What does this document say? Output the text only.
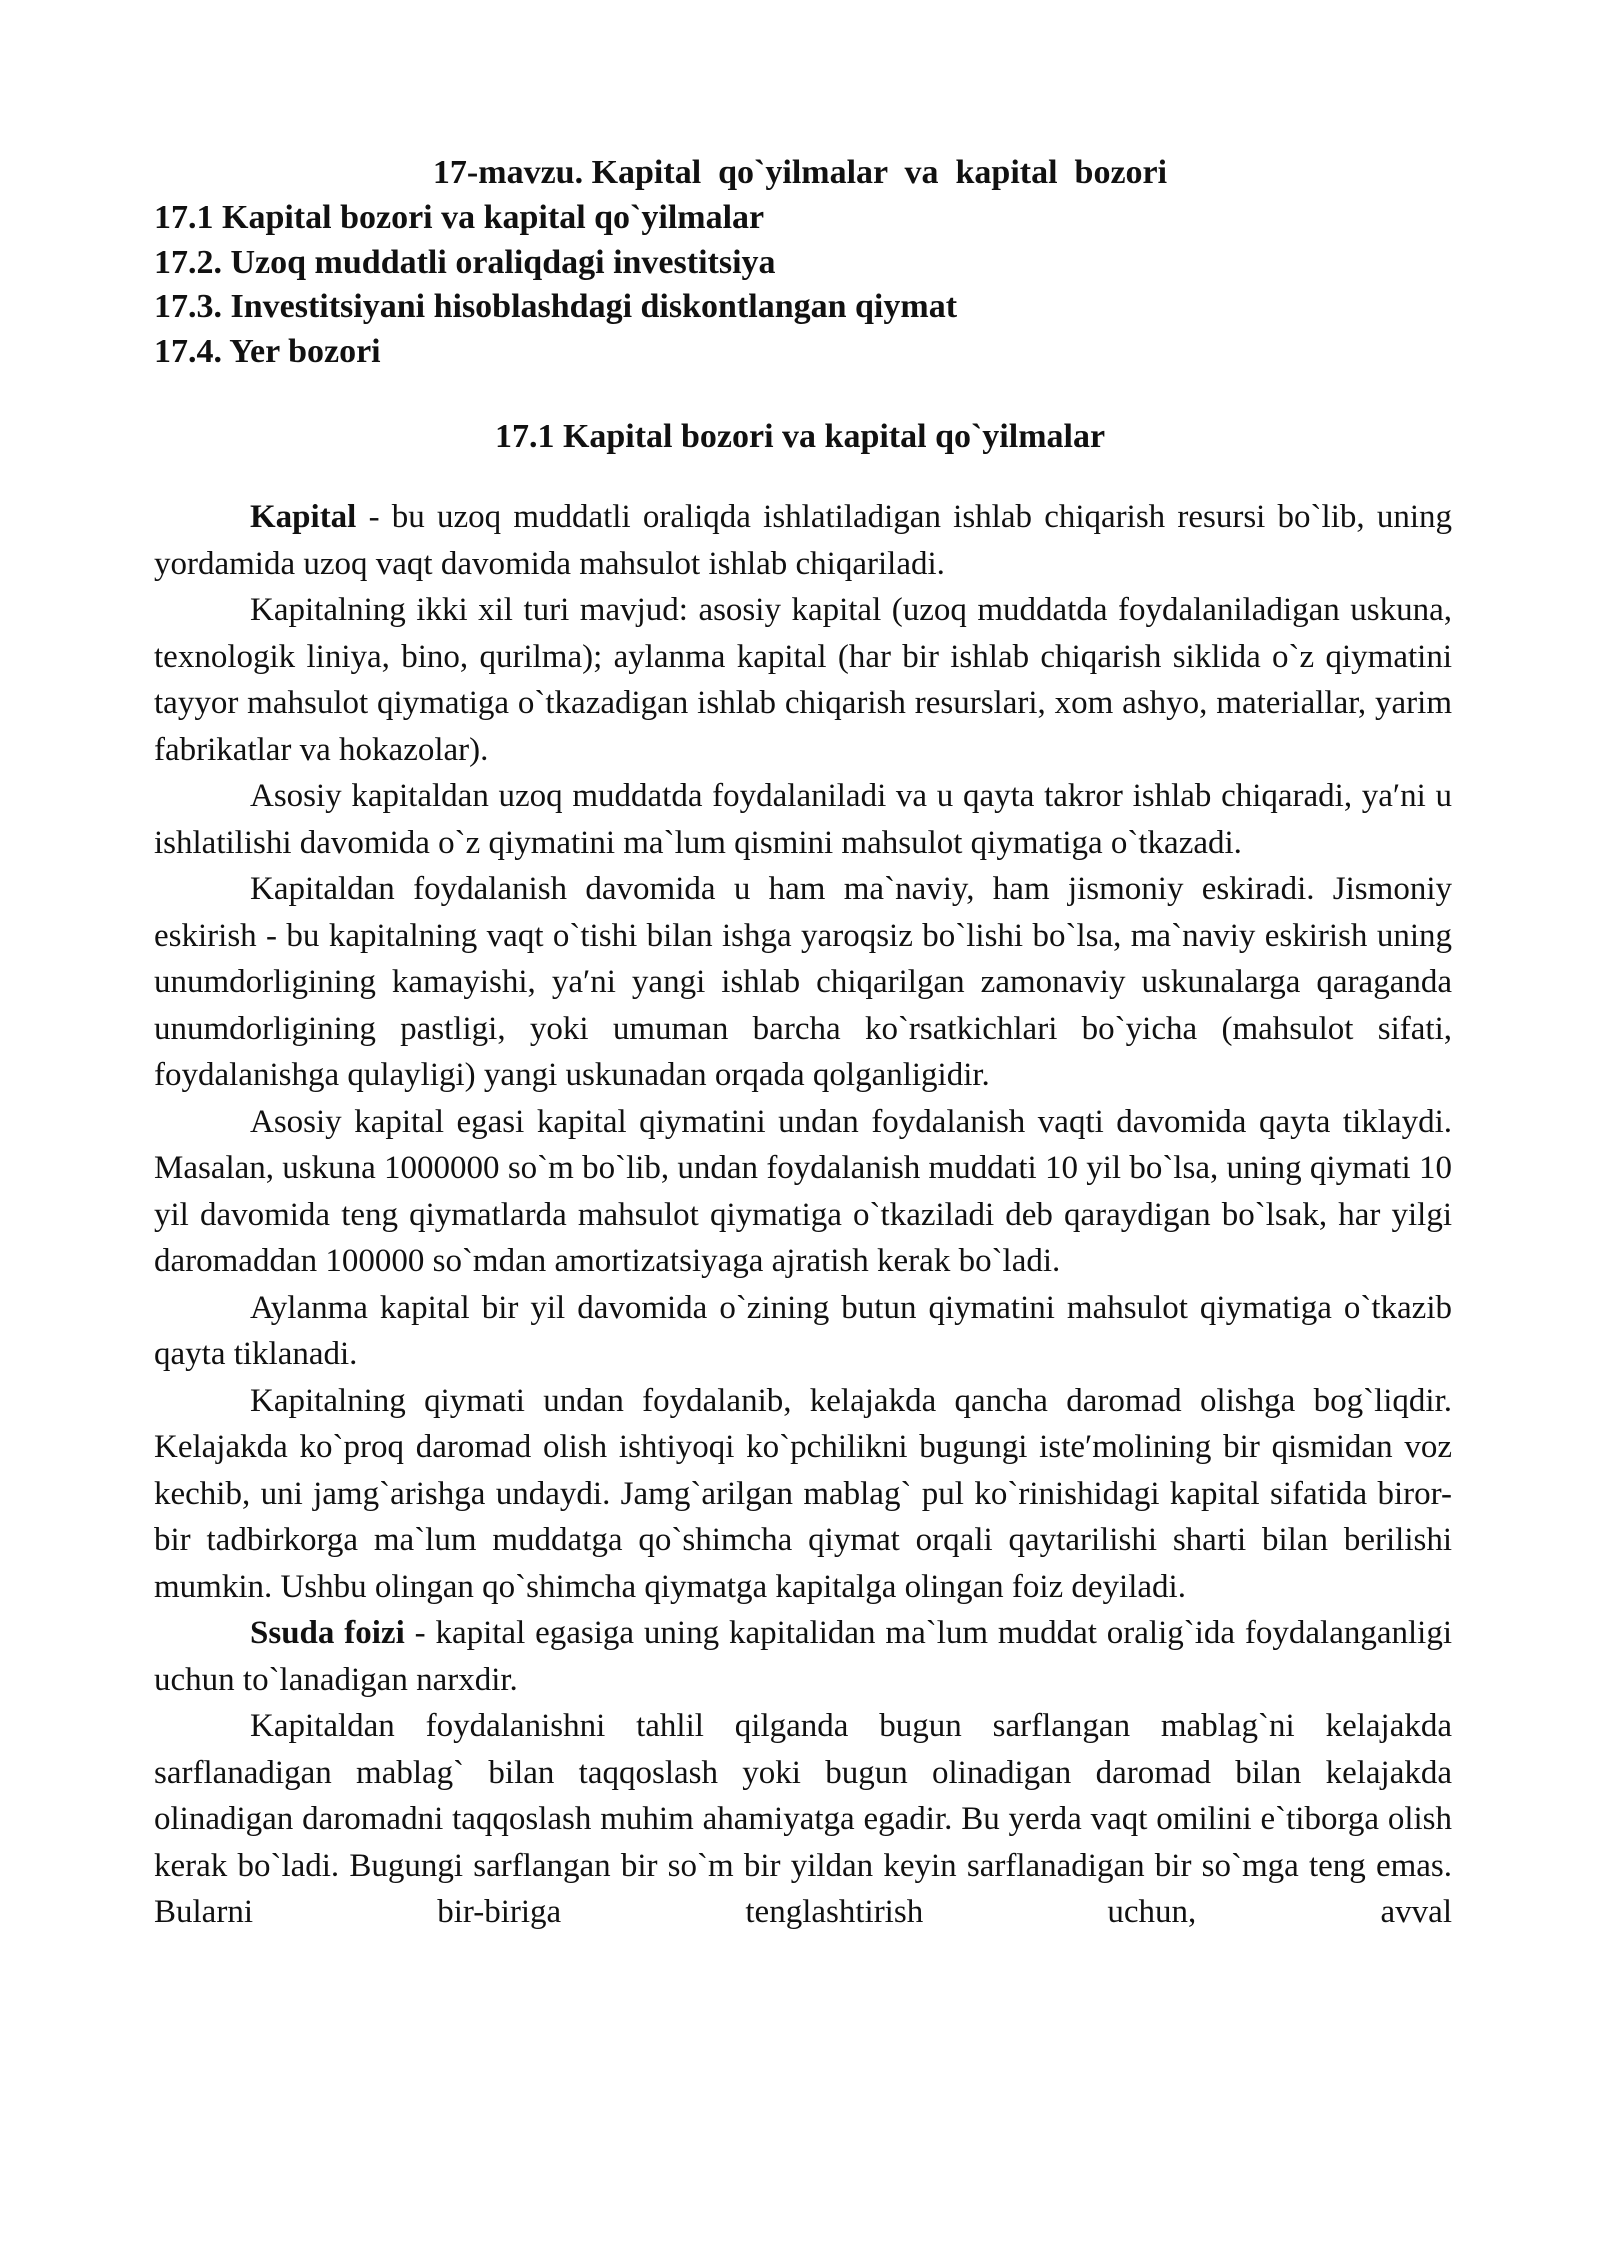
17-mavzu. Kapital  qo`yilmalar  va  kapital  bozori
17.1 Kapital bozori va kapital qo`yilmalar
17.2. Uzoq muddatli oraliqdagi investitsiya
17.3. Investitsiyani hisoblashdagi diskontlangan qiymat
17.4. Yer bozori
17.1 Kapital bozori va kapital qo`yilmalar

Kapital - bu uzoq muddatli oraliqda ishlatiladigan ishlab chiqarish resursi bo`lib, uning yordamida uzoq vaqt davomida mahsulot ishlab chiqariladi.

Kapitalning ikki xil turi mavjud: asosiy kapital (uzoq muddatda foydalaniladigan uskuna, texnologik liniya, bino, qurilma); aylanma kapital (har bir ishlab chiqarish siklida o`z qiymatini tayyor mahsulot qiymatiga o`tkazadigan ishlab chiqarish resurslari, xom ashyo, materiallar, yarim fabrikatlar va hokazolar).

Asosiy kapitaldan uzoq muddatda foydalaniladi va u qayta takror ishlab chiqaradi, ya′ni u ishlatilishi davomida o`z qiymatini ma`lum qismini mahsulot qiymatiga o`tkazadi.

Kapitaldan foydalanish davomida u ham ma`naviy, ham jismoniy eskiradi. Jismoniy eskirish - bu kapitalning vaqt o`tishi bilan ishga yaroqsiz bo`lishi bo`lsa, ma`naviy eskirish uning unumdorligining kamayishi, ya′ni yangi ishlab chiqarilgan zamonaviy uskunalarga qaraganda unumdorligining pastligi, yoki umuman barcha ko`rsatkichlari bo`yicha (mahsulot sifati, foydalanishga qulayligi) yangi uskunadan orqada qolganligidir.

Asosiy kapital egasi kapital qiymatini undan foydalanish vaqti davomida qayta tiklaydi. Masalan, uskuna 1000000 so`m bo`lib, undan foydalanish muddati 10 yil bo`lsa, uning qiymati 10 yil davomida teng qiymatlarda mahsulot qiymatiga o`tkaziladi deb qaraydigan bo`lsak, har yilgi daromaddan 100000 so`mdan amortizatsiyaga ajratish kerak bo`ladi.

Aylanma kapital bir yil davomida o`zining butun qiymatini mahsulot qiymatiga o`tkazib qayta tiklanadi.

Kapitalning qiymati undan foydalanib, kelajakda qancha daromad olishga bog`liqdir. Kelajakda ko`proq daromad olish ishtiyoqi ko`pchilikni bugungi iste′molining bir qismidan voz kechib, uni jamg`arishga undaydi. Jamg`arilgan mablag` pul ko`rinishidagi kapital sifatida biror-bir tadbirkorga ma`lum muddatga qo`shimcha qiymat orqali qaytarilishi sharti bilan berilishi mumkin. Ushbu olingan qo`shimcha qiymatga kapitalga olingan foiz deyiladi.

Ssuda foizi - kapital egasiga uning kapitalidan ma`lum muddat oralig`ida foydalanganligi uchun to`lanadigan narxdir.

Kapitaldan foydalanishni tahlil qilganda bugun sarflangan mablag`ni kelajakda sarflanadigan mablag` bilan taqqoslash yoki bugun olinadigan daromad bilan kelajakda olinadigan daromadni taqqoslash muhim ahamiyatga egadir. Bu yerda vaqt omilini e`tiborga olish kerak bo`ladi. Bugungi sarflangan bir so`m bir yildan keyin sarflanadigan bir so`mga teng emas. Bularni bir-biriga tenglashtirish uchun, avval
